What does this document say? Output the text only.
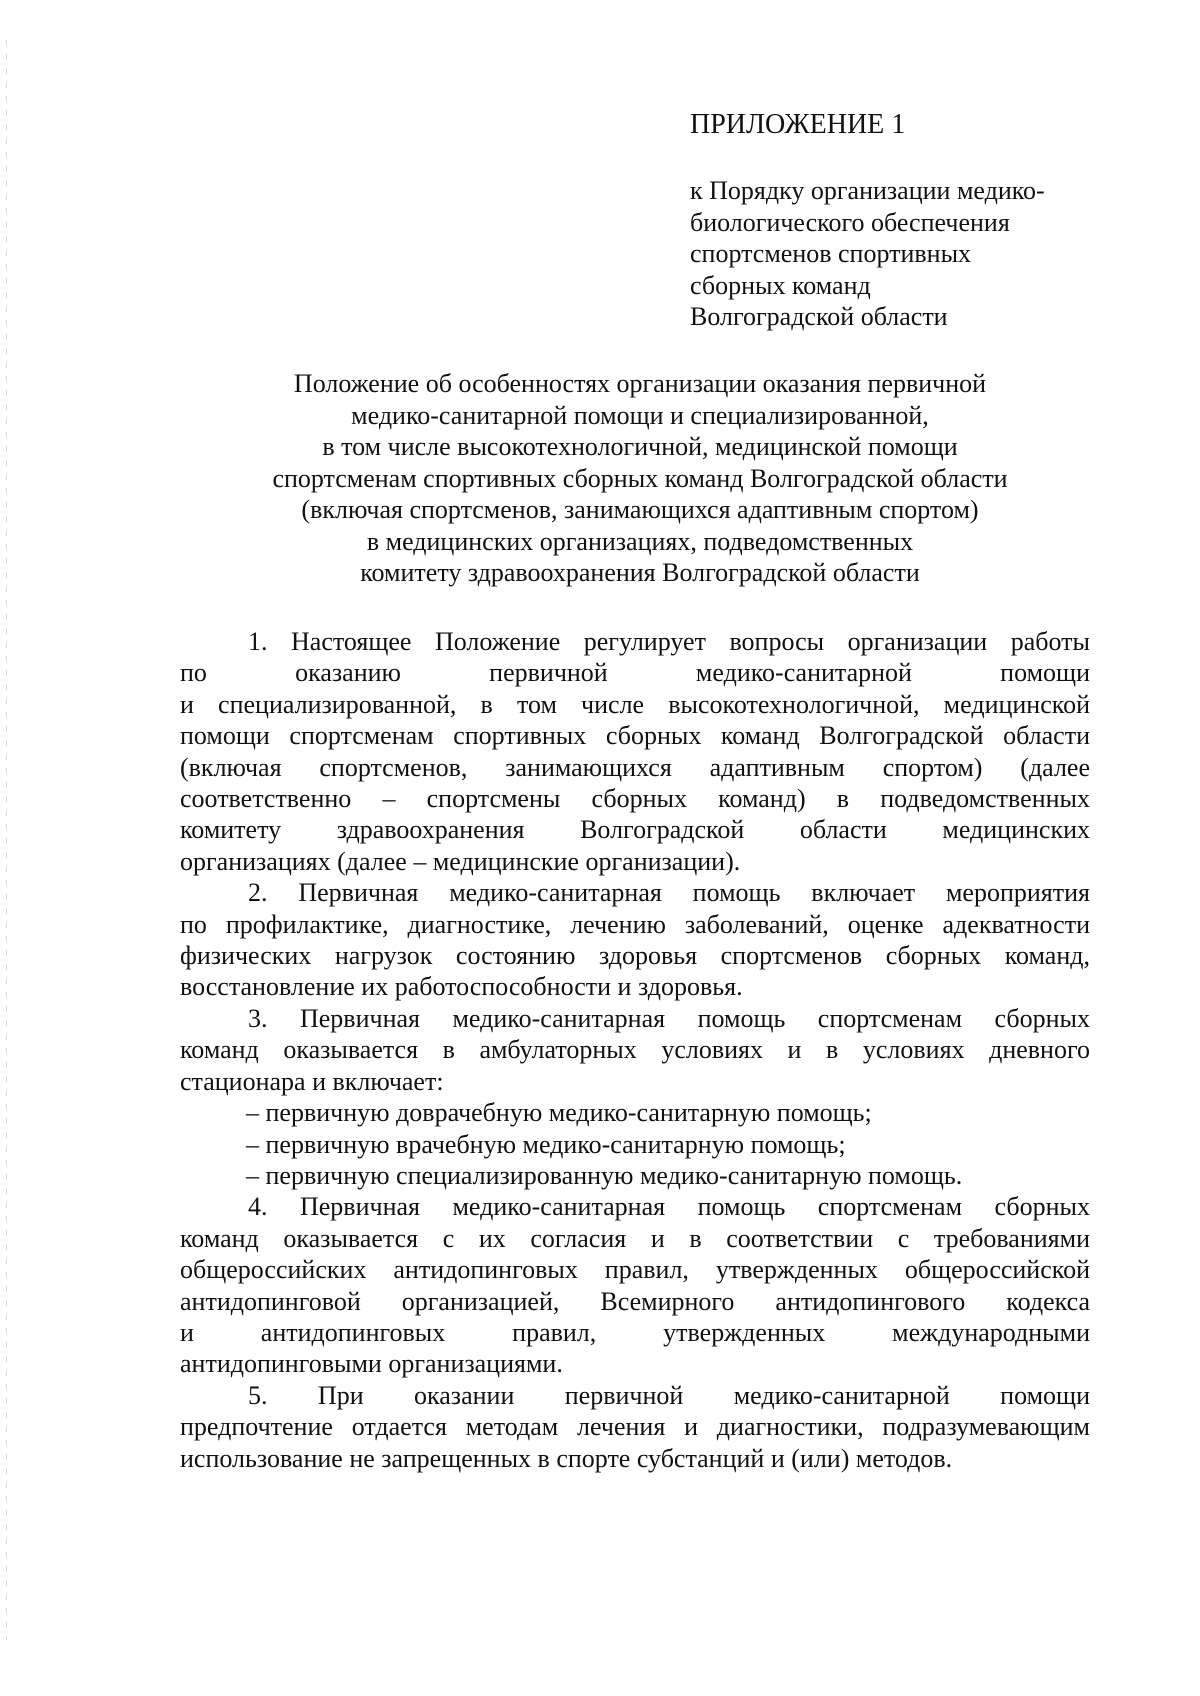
ПРИЛОЖЕНИЕ 1
к Порядку организации медико-
биологического обеспечения
спортсменов спортивных
сборных команд
Волгоградской области
Положение об особенностях организации оказания первичной
медико-санитарной помощи и специализированной,
в том числе высокотехнологичной, медицинской помощи
спортсменам спортивных сборных команд Волгоградской области
(включая спортсменов, занимающихся адаптивным спортом)
в медицинских организациях, подведомственных
комитету здравоохранения Волгоградской области
1. Настоящее Положение регулирует вопросы организации работы
по оказанию первичной медико-санитарной помощи
и специализированной, в том числе высокотехнологичной, медицинской
помощи спортсменам спортивных сборных команд Волгоградской области
(включая спортсменов, занимающихся адаптивным спортом) (далее
соответственно – спортсмены сборных команд) в подведомственных
комитету здравоохранения Волгоградской области медицинских
организациях (далее – медицинские организации).
2. Первичная медико-санитарная помощь включает мероприятия
по профилактике, диагностике, лечению заболеваний, оценке адекватности
физических нагрузок состоянию здоровья спортсменов сборных команд,
восстановление их работоспособности и здоровья.
3. Первичная медико-санитарная помощь спортсменам сборных
команд оказывается в амбулаторных условиях и в условиях дневного
стационара и включает:
– первичную доврачебную медико-санитарную помощь;
– первичную врачебную медико-санитарную помощь;
– первичную специализированную медико-санитарную помощь.
4. Первичная медико-санитарная помощь спортсменам сборных
команд оказывается с их согласия и в соответствии с требованиями
общероссийских антидопинговых правил, утвержденных общероссийской
антидопинговой организацией, Всемирного антидопингового кодекса
и антидопинговых правил, утвержденных международными
антидопинговыми организациями.
5. При оказании первичной медико-санитарной помощи
предпочтение отдается методам лечения и диагностики, подразумевающим
использование не запрещенных в спорте субстанций и (или) методов.
